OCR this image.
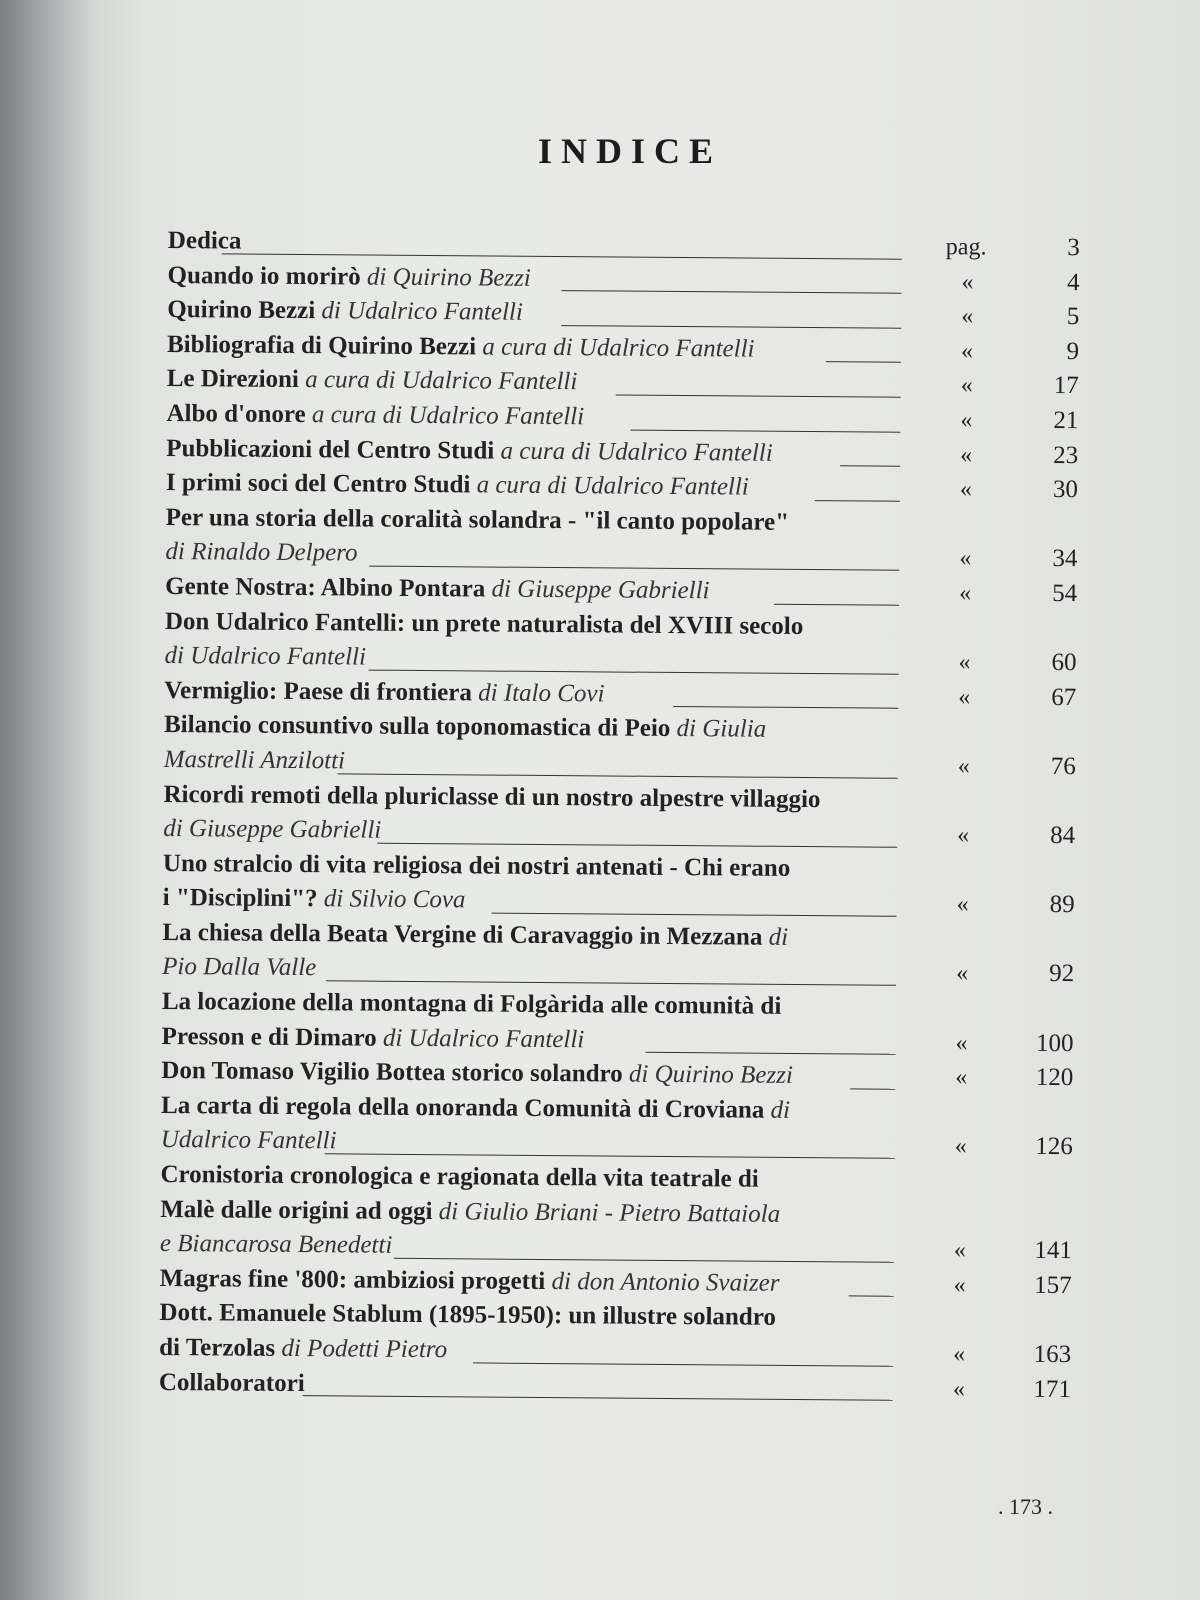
INDICE
Dedica	pag.	3
Quando io morirò di Quirino Bezzi	«	4
Quirino Bezzi di Udalrico Fantelli	«	5
Bibliografia di Quirino Bezzi a cura di Udalrico Fantelli	«	9
Le Direzioni a cura di Udalrico Fantelli	«	17
Albo d'onore a cura di Udalrico Fantelli	«	21
Pubblicazioni del Centro Studi a cura di Udalrico Fantelli	«	23
I primi soci del Centro Studi a cura di Udalrico Fantelli	«	30
Per una storia della coralità solandra - "il canto popolare"
di Rinaldo Delpero	«	34
Gente Nostra: Albino Pontara di Giuseppe Gabrielli	«	54
Don Udalrico Fantelli: un prete naturalista del XVIII secolo
di Udalrico Fantelli	«	60
Vermiglio: Paese di frontiera di Italo Covi	«	67
Bilancio consuntivo sulla toponomastica di Peio di Giulia
Mastrelli Anzilotti	«	76
Ricordi remoti della pluriclasse di un nostro alpestre villaggio
di Giuseppe Gabrielli	«	84
Uno stralcio di vita religiosa dei nostri antenati - Chi erano
i "Disciplini"? di Silvio Cova	«	89
La chiesa della Beata Vergine di Caravaggio in Mezzana di
Pio Dalla Valle	«	92
La locazione della montagna di Folgàrida alle comunità di
Presson e di Dimaro di Udalrico Fantelli	«	100
Don Tomaso Vigilio Bottea storico solandro di Quirino Bezzi	«	120
La carta di regola della onoranda Comunità di Croviana di
Udalrico Fantelli	«	126
Cronistoria cronologica e ragionata della vita teatrale di
Malè dalle origini ad oggi di Giulio Briani - Pietro Battaiola
e Biancarosa Benedetti	«	141
Magras fine '800: ambiziosi progetti di don Antonio Svaizer	«	157
Dott. Emanuele Stablum (1895-1950): un illustre solandro
di Terzolas di Podetti Pietro	«	163
Collaboratori	«	171
. 173 .
